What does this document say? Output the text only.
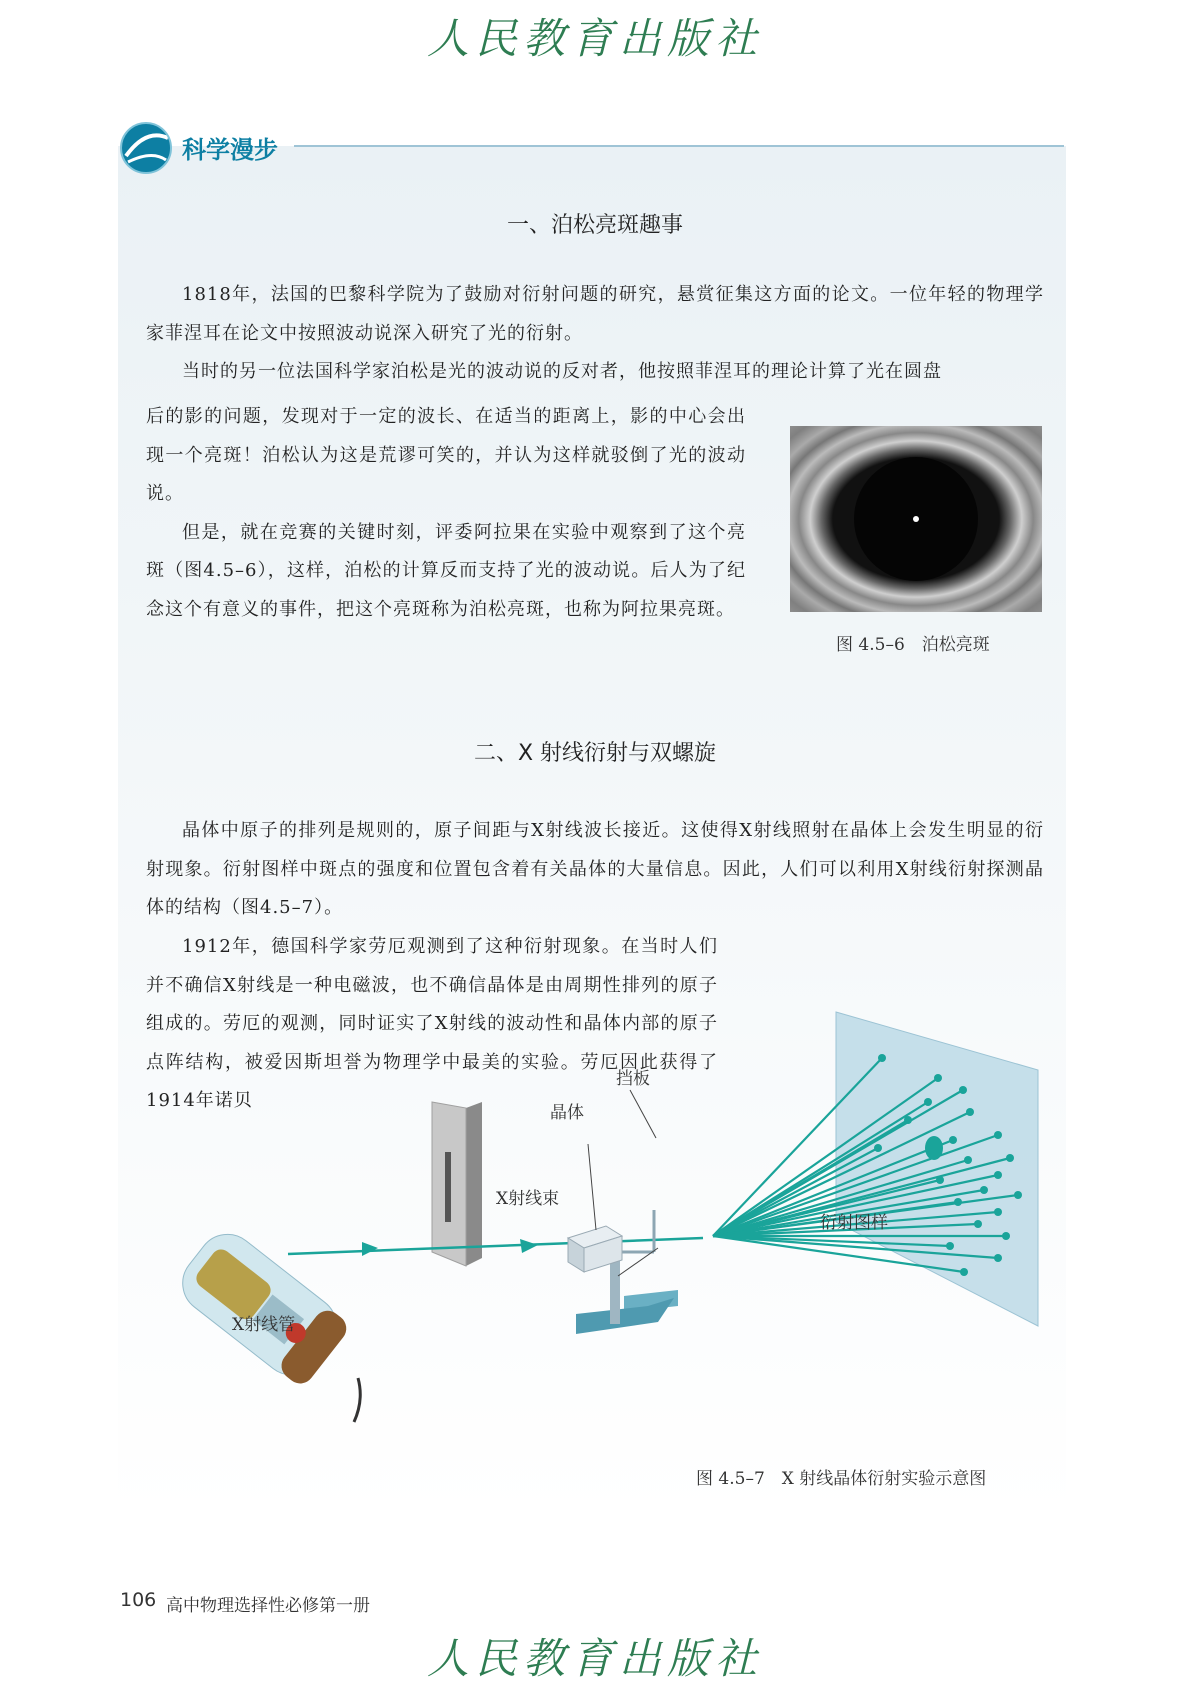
人民教育出版社
科学漫步
一、泊松亮斑趣事

1818年，法国的巴黎科学院为了鼓励对衍射问题的研究，悬赏征集这方面的论文。一位年轻的物理学家菲涅耳在论文中按照波动说深入研究了光的衍射。

当时的另一位法国科学家泊松是光的波动说的反对者，他按照菲涅耳的理论计算了光在圆盘

后的影的问题，发现对于一定的波长、在适当的距离上，影的中心会出现一个亮斑！泊松认为这是荒谬可笑的，并认为这样就驳倒了光的波动说。

但是，就在竞赛的关键时刻，评委阿拉果在实验中观察到了这个亮斑（图4.5–6），这样，泊松的计算反而支持了光的波动说。后人为了纪念这个有意义的事件，把这个亮斑称为泊松亮斑，也称为阿拉果亮斑。

图 4.5–6　泊松亮斑
二、X 射线衍射与双螺旋

晶体中原子的排列是规则的，原子间距与X射线波长接近。这使得X射线照射在晶体上会发生明显的衍射现象。衍射图样中斑点的强度和位置包含着有关晶体的大量信息。因此，人们可以利用X射线衍射探测晶体的结构（图4.5–7）。

1912年，德国科学家劳厄观测到了这种衍射现象。在当时人们并不确信X射线是一种电磁波，也不确信晶体是由周期性排列的原子组成的。劳厄的观测，同时证实了X射线的波动性和晶体内部的原子点阵结构，被爱因斯坦誉为物理学中最美的实验。劳厄因此获得了1914年诺贝

晶体
挡板
X射线束
衍射图样
X射线管
图 4.5–7　X 射线晶体衍射实验示意图
106 高中物理选择性必修第一册
人民教育出版社
